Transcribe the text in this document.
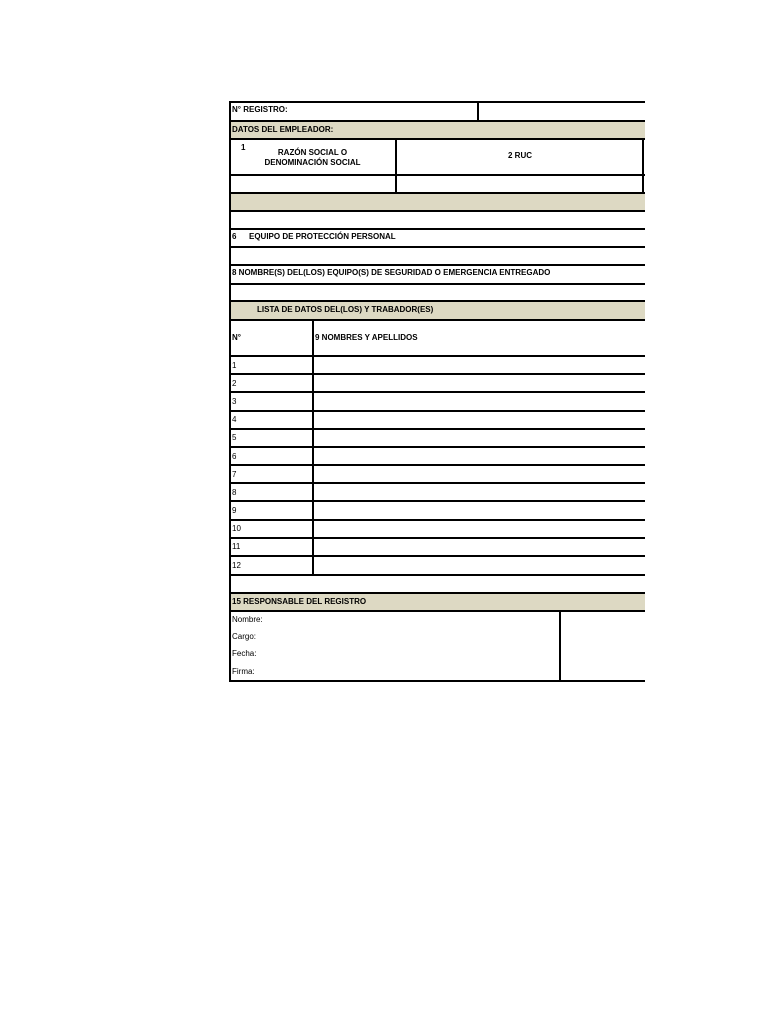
N° REGISTRO:
DATOS DEL EMPLEADOR:
1
RAZÓN SOCIAL O DENOMINACIÓN SOCIAL
2 RUC
6 EQUIPO DE PROTECCIÓN PERSONAL
8 NOMBRE(S) DEL(LOS) EQUIPO(S) DE SEGURIDAD O EMERGENCIA ENTREGADO
LISTA DE DATOS DEL(LOS) Y TRABADOR(ES)
N°	9 NOMBRES Y APELLIDOS
1
2
3
4
5
6
7
8
9
10
11
12
15 RESPONSABLE DEL REGISTRO
Nombre:
Cargo:
Fecha:
Firma:
